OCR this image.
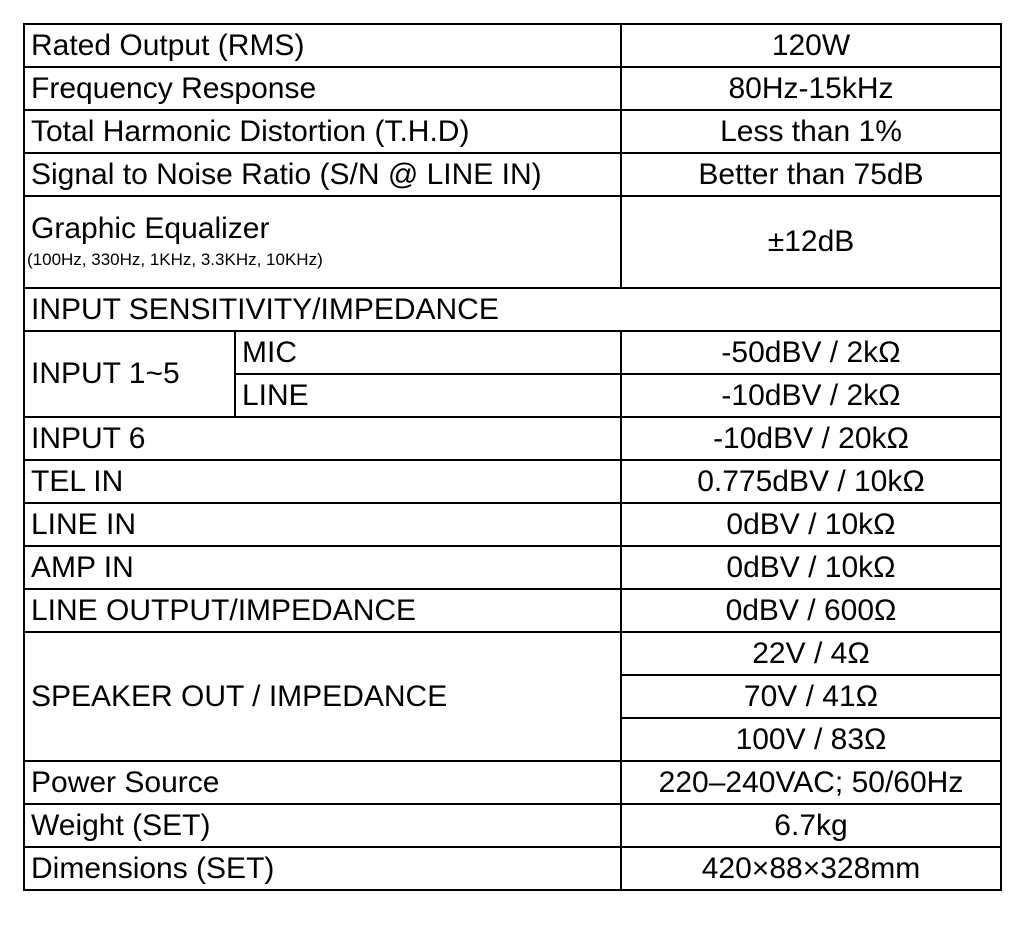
Rated Output (RMS)		120W
Frequency Response		80Hz-15kHz
Total Harmonic Distortion (T.H.D)		Less than 1%
Signal to Noise Ratio (S/N @ LINE IN)		Better than 75dB

Graphic Equalizer
(100Hz, 330Hz, 1KHz, 3.3KHz, 10KHz)		±12dB
INPUT SENSITIVITY/IMPEDANCE		
INPUT 1~5	MIC	-50dBV / 2kΩ
	LINE	-10dBV / 2kΩ
INPUT 6		-10dBV / 20kΩ
TEL IN		0.775dBV / 10kΩ
LINE IN		0dBV / 10kΩ
AMP IN		0dBV / 10kΩ
LINE OUTPUT/IMPEDANCE		0dBV / 600Ω
SPEAKER OUT / IMPEDANCE		22V / 4Ω
		70V / 41Ω
		100V / 83Ω
Power Source		220–240VAC; 50/60Hz
Weight (SET)		6.7kg
Dimensions (SET)		420×88×328mm
